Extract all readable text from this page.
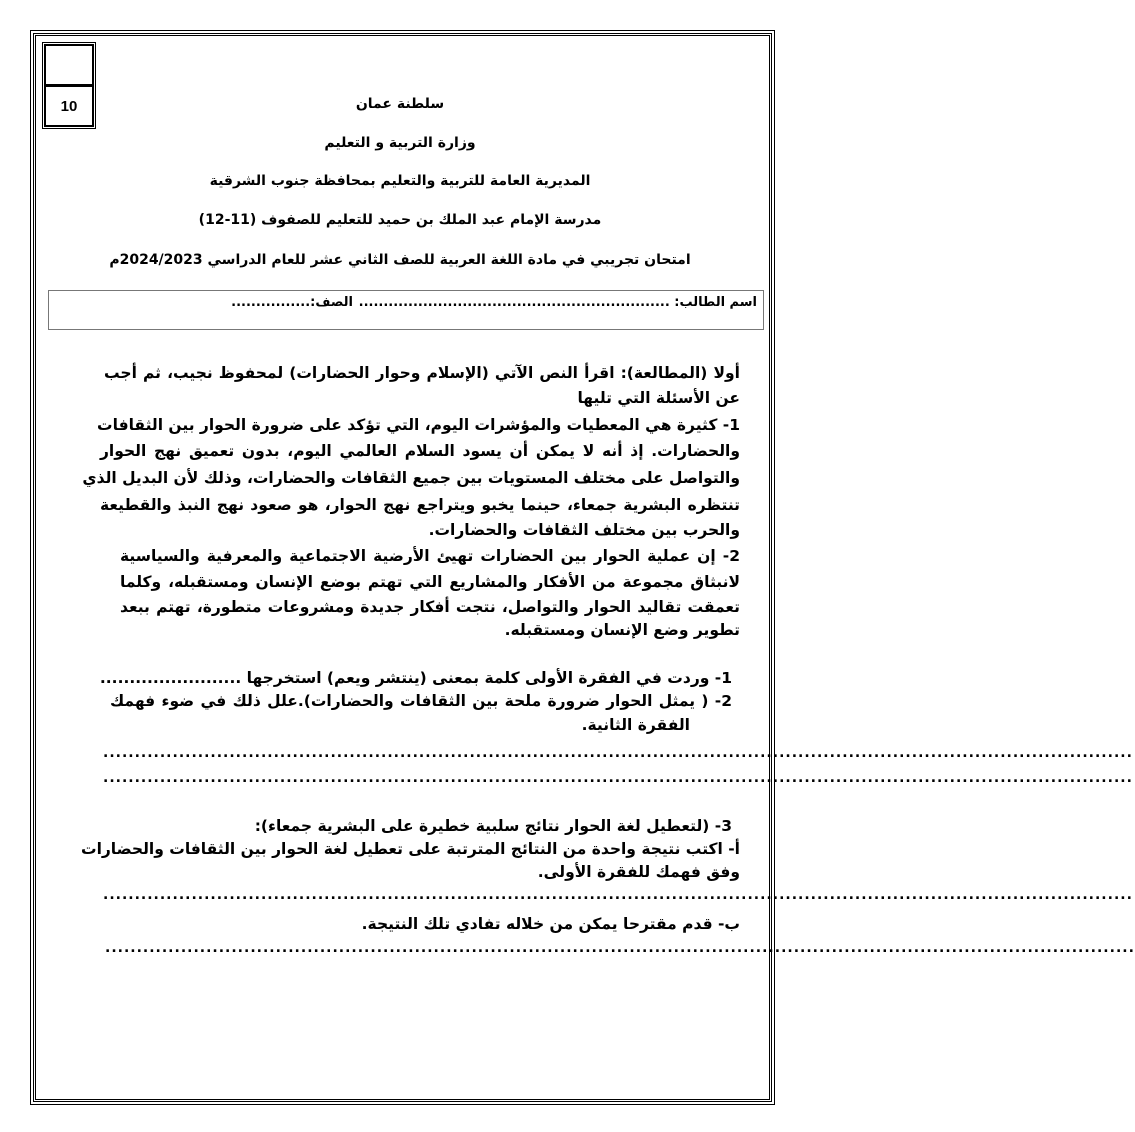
10	سلطنة عمان
وزارة التربية و التعليم
المديرية العامة للتربية والتعليم بمحافظة جنوب الشرقية
مدرسة الإمام عبد الملك بن حميد للتعليم للصفوف (11-12)
امتحان تجريبي في مادة اللغة العربية للصف الثاني عشر للعام الدراسي 2024/2023م
اسم الطالب: ...............................................................
الصف:................
أولا (المطالعة): اقرأ النص الآتي (الإسلام وحوار الحضارات) لمحفوظ نجيب، ثم أجب
عن الأسئلة التي تليها
1- كثيرة هي المعطيات والمؤشرات اليوم، التي تؤكد على ضرورة الحوار بين الثقافات
والحضارات. إذ أنه لا يمكن أن يسود السلام العالمي اليوم، بدون تعميق نهج الحوار
والتواصل على مختلف المستويات بين جميع الثقافات والحضارات، وذلك لأن البديل الذي
تنتظره البشرية جمعاء، حينما يخبو ويتراجع نهج الحوار، هو صعود نهج النبذ والقطيعة
والحرب بين مختلف الثقافات والحضارات.
2- إن عملية الحوار بين الحضارات تهيئ الأرضية الاجتماعية والمعرفية والسياسية
لانبثاق مجموعة من الأفكار والمشاريع التي تهتم بوضع الإنسان ومستقبله، وكلما
تعمقت تقاليد الحوار والتواصل، نتجت أفكار جديدة ومشروعات متطورة، تهتم ببعد
تطوير وضع الإنسان ومستقبله.
1- وردت في الفقرة الأولى كلمة بمعنى (ينتشر ويعم) استخرجها ........................
2- ( يمثل الحوار ضرورة ملحة بين الثقافات والحضارات).علل ذلك في ضوء فهمك
الفقرة الثانية.
...................................................................................................................................................................
...................................................................................................................................................................
3- (لتعطيل لغة الحوار نتائج سلبية خطيرة على البشرية جمعاء):
أ- اكتب نتيجة واحدة من النتائج المترتبة على تعطيل لغة الحوار بين الثقافات والحضارات
وفق فهمك للفقرة الأولى.
...................................................................................................................................................................
ب- قدم مقترحا يمكن من خلاله تفادي تلك النتيجة.
...................................................................................................................................................................
